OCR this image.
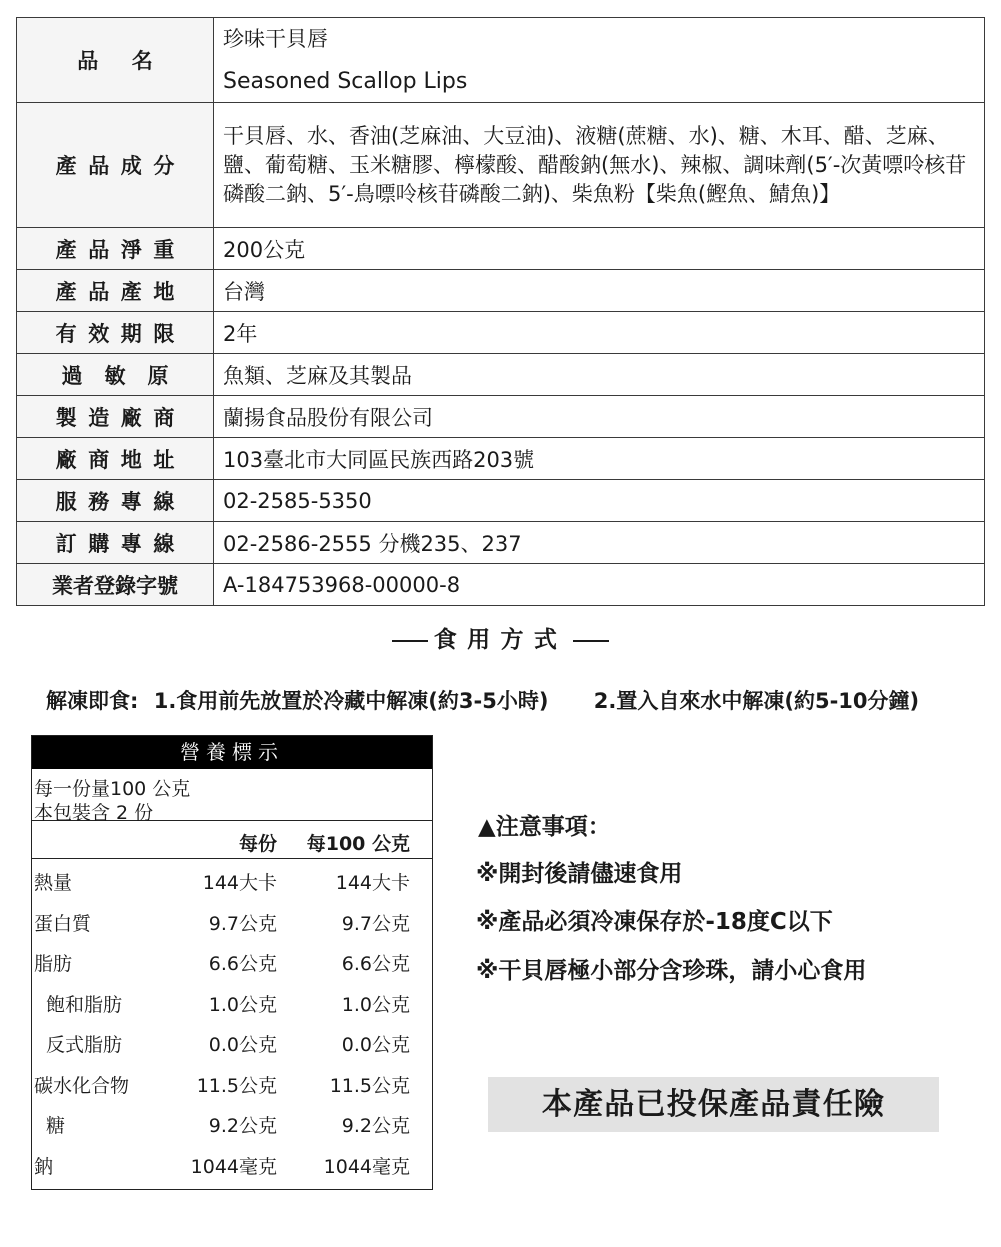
品名	珍味干貝唇
Seasoned Scallop Lips

產品成分	干貝唇、水、香油(芝麻油、大豆油)、液糖(蔗糖、水)、糖、木耳、醋、芝麻、鹽、葡萄糖、玉米糖膠、檸檬酸、醋酸鈉(無水)、辣椒、調味劑(5′-次黃嘌呤核苷磷酸二鈉、5′-鳥嘌呤核苷磷酸二鈉)、柴魚粉【柴魚(鰹魚、鯖魚)】
產品淨重	200公克
產品產地	台灣
有效期限	2年
過敏原	魚類、芝麻及其製品
製造廠商	蘭揚食品股份有限公司
廠商地址	103臺北市大同區民族西路203號
服務專線	02-2585-5350
訂購專線	02-2586-2555 分機235、237
業者登錄字號	A-184753968-00000-8
食用方式
解凍即食: 1.食用前先放置於冷藏中解凍(約3-5小時) 2.置入自來水中解凍(約5-10分鐘)
營養標示
每一份量100 公克
本包裝含 2 份
每份 每100 公克
熱量	144大卡	144大卡
蛋白質	9.7公克	9.7公克
脂肪	6.6公克	6.6公克
飽和脂肪	1.0公克	1.0公克
反式脂肪	0.0公克	0.0公克
碳水化合物	11.5公克	11.5公克
糖	9.2公克	9.2公克
鈉	1044毫克 1044毫克
▲注意事項：
※開封後請儘速食用
※產品必須冷凍保存於-18度C以下
※干貝唇極小部分含珍珠，請小心食用
本產品已投保產品責任險
